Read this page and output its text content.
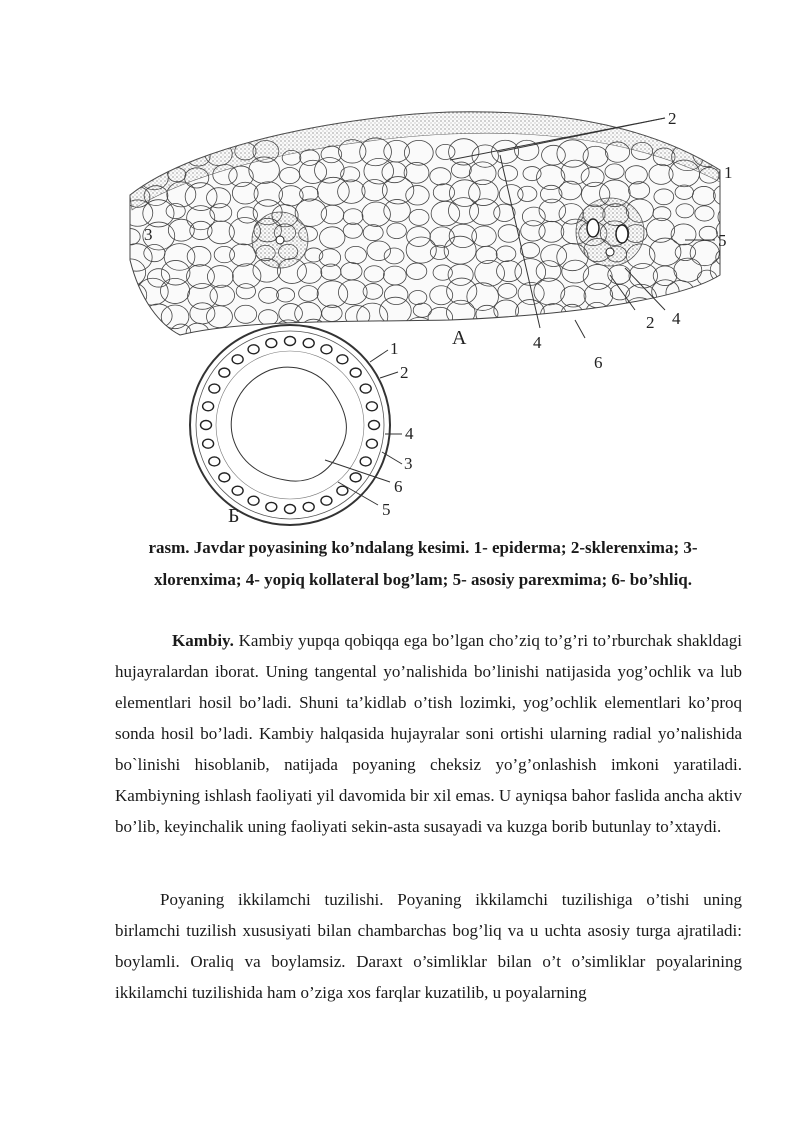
2
1
3	5
2 4
4
6
A
1
2
4
3
6
5
Б
rasm. Javdar poyasining ko’ndalang kesimi. 1- epiderma; 2-sklerenxima; 3-xlorenxima; 4- yopiq kollateral bog’lam; 5- asosiy parexmima; 6- bo’shliq.

Kambiy. Kambiy yupqa qobiqqa ega bo’lgan cho’ziq to’g’ri to’rburchak shakldagi hujayralardan iborat. Uning tangental yo’nalishida bo’linishi natijasida yog’ochlik va lub elementlari hosil bo’ladi. Shuni ta’kidlab o’tish lozimki, yog’ochlik elementlari ko’proq sonda hosil bo’ladi. Kambiy halqasida hujayralar soni ortishi ularning radial yo’nalishida bo`linishi hisoblanib, natijada poyaning cheksiz yo’g’onlashish imkoni yaratiladi. Kambiyning ishlash faoliyati yil davomida bir xil emas. U ayniqsa bahor faslida ancha aktiv bo’lib, keyinchalik uning faoliyati sekin-asta susayadi va kuzga borib butunlay to’xtaydi.

Poyaning ikkilamchi tuzilishi. Poyaning ikkilamchi tuzilishiga o’tishi uning birlamchi tuzilish xususiyati bilan chambarchas bog’liq va u uchta asosiy turga ajratiladi: boylamli. Oraliq va boylamsiz. Daraxt o’simliklar bilan o’t o’simliklar poyalarining ikkilamchi tuzilishida ham o’ziga xos farqlar kuzatilib, u poyalarning
